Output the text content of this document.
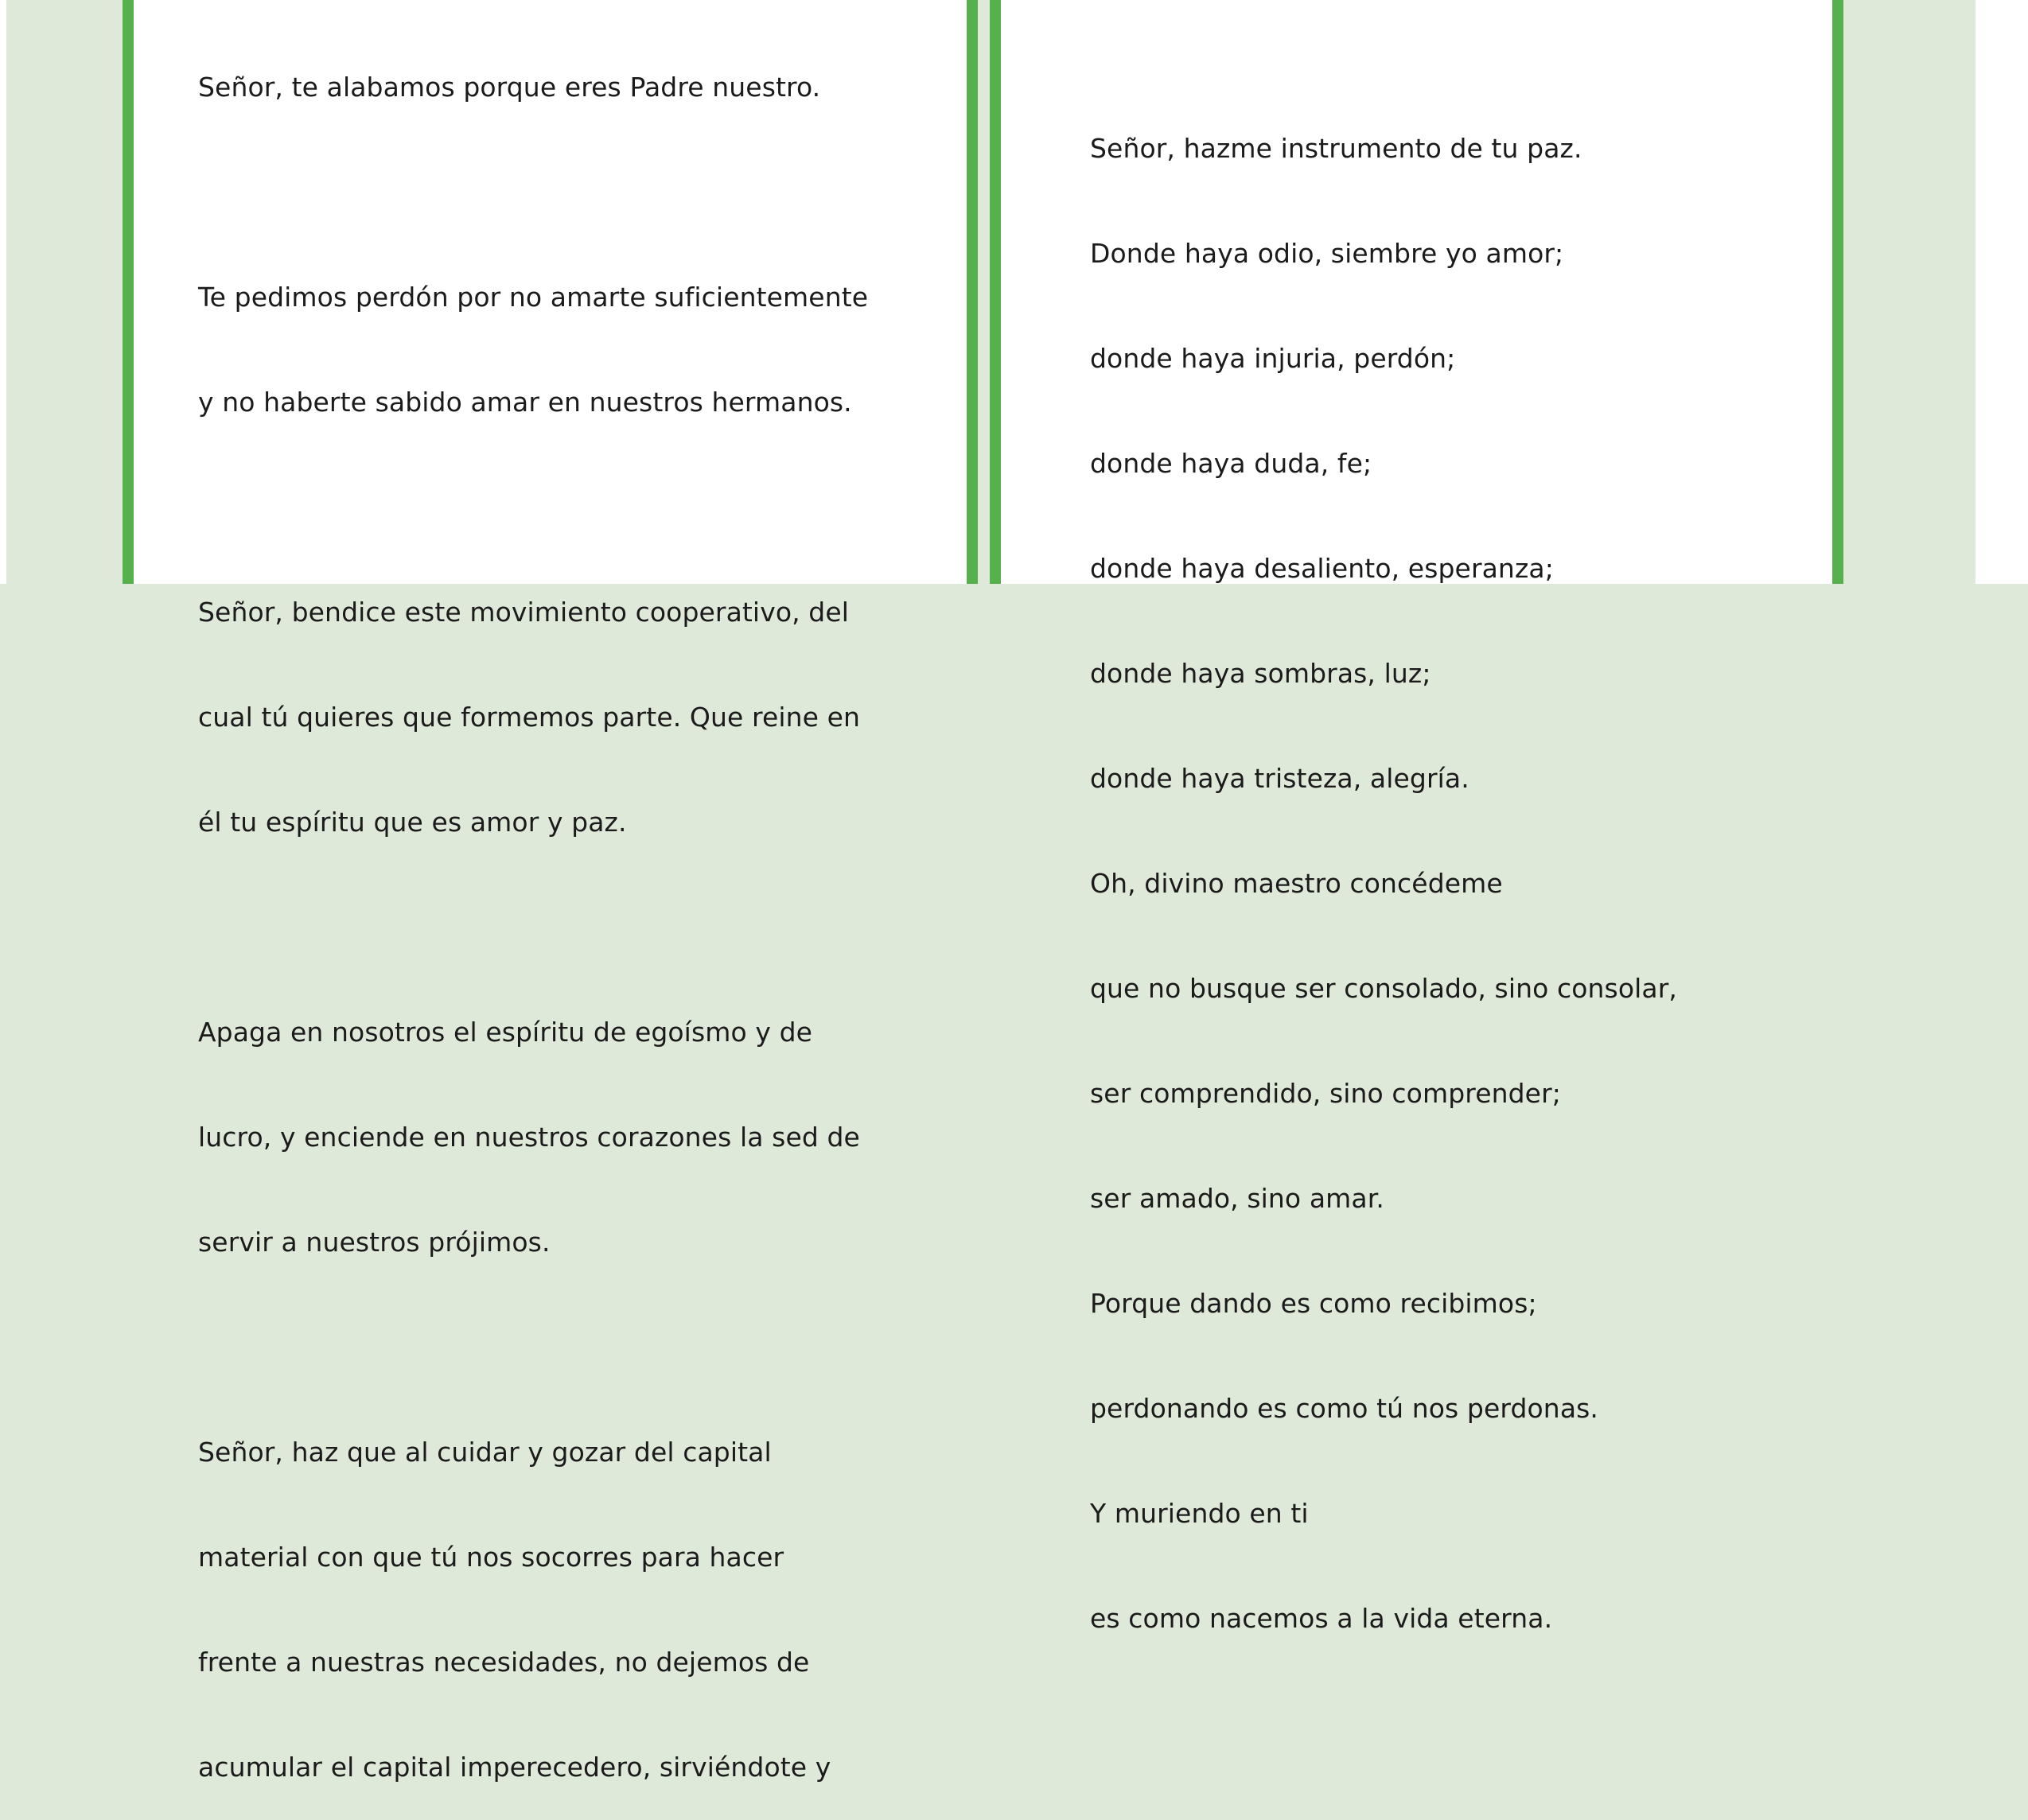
Señor, te alabamos porque eres Padre nuestro.

Te pedimos perdón por no amarte suficientemente

y no haberte sabido amar en nuestros hermanos.

Señor, bendice este movimiento cooperativo, del

cual tú quieres que formemos parte. Que reine en

él tu espíritu que es amor y paz.

Apaga en nosotros el espíritu de egoísmo y de

lucro, y enciende en nuestros corazones la sed de

servir a nuestros prójimos.

Señor, haz que al cuidar y gozar del capital

material con que tú nos socorres para hacer

frente a nuestras necesidades, no dejemos de

acumular el capital imperecedero, sirviéndote y

Señor, hazme instrumento de tu paz.

Donde haya odio, siembre yo amor;

donde haya injuria, perdón;

donde haya duda, fe;

donde haya desaliento, esperanza;

donde haya sombras, luz;

donde haya tristeza, alegría.

Oh, divino maestro concédeme

que no busque ser consolado, sino consolar,

ser comprendido, sino comprender;

ser amado, sino amar.

Porque dando es como recibimos;

perdonando es como tú nos perdonas.

Y muriendo en ti

es como nacemos a la vida eterna.
